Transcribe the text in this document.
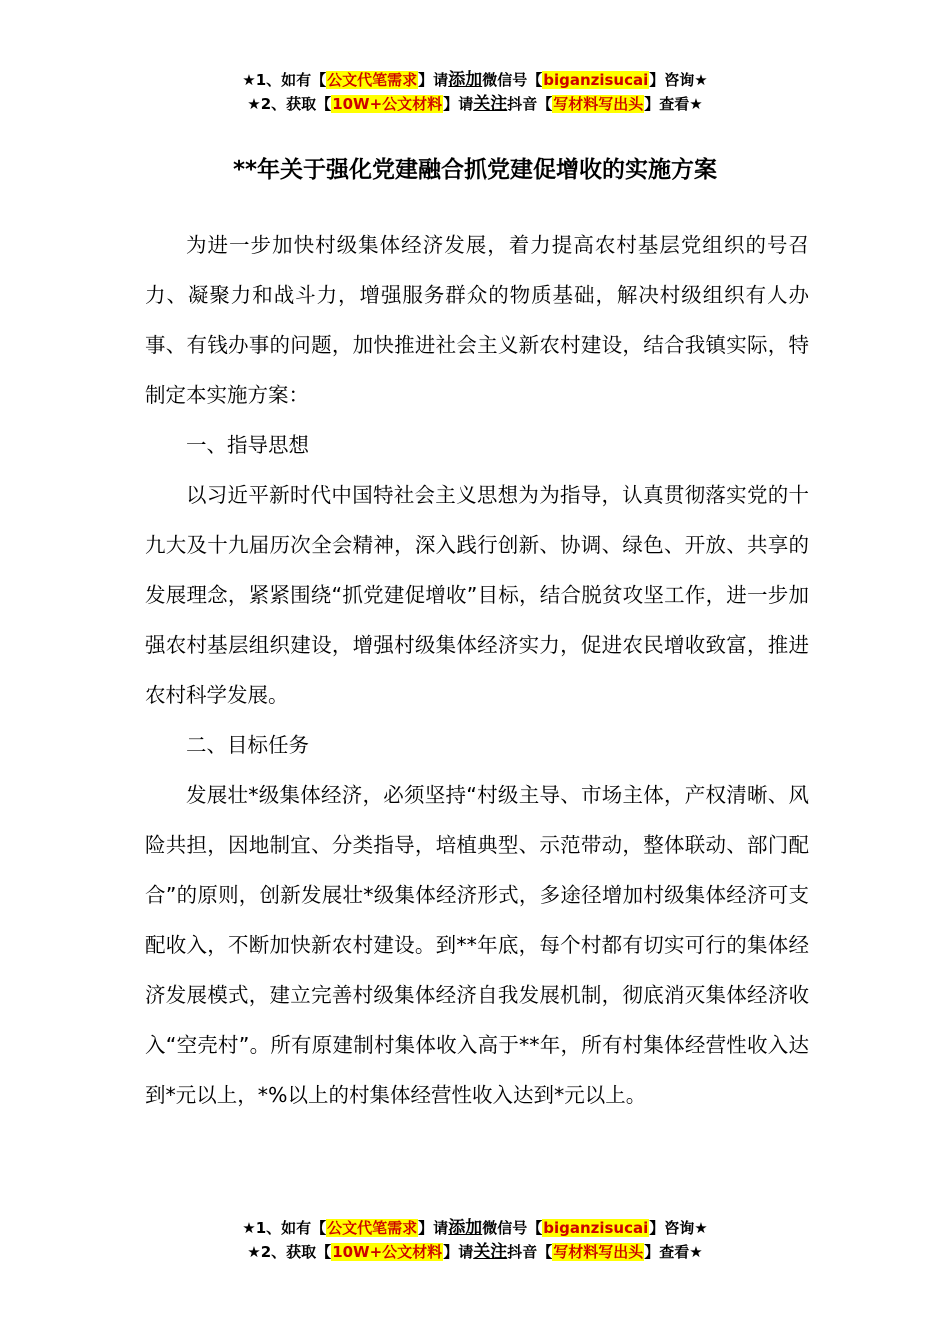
★1、如有【公文代笔需求】请添加微信号【biganzisucai】咨询★
★2、获取【10W+公文材料】请关注抖音【写材料写出头】查看★
**年关于强化党建融合抓党建促增收的实施方案

为进一步加快村级集体经济发展，着力提高农村基层党组织的号召力、凝聚力和战斗力，增强服务群众的物质基础，解决村级组织有人办事、有钱办事的问题，加快推进社会主义新农村建设，结合我镇实际，特制定本实施方案：

一、指导思想

以习近平新时代中国特社会主义思想为为指导，认真贯彻落实党的十九大及十九届历次全会精神，深入践行创新、协调、绿色、开放、共享的发展理念，紧紧围绕“抓党建促增收”目标，结合脱贫攻坚工作，进一步加强农村基层组织建设，增强村级集体经济实力，促进农民增收致富，推进农村科学发展。

二、目标任务

发展壮*级集体经济，必须坚持“村级主导、市场主体，产权清晰、风险共担，因地制宜、分类指导，培植典型、示范带动，整体联动、部门配合”的原则，创新发展壮*级集体经济形式，多途径增加村级集体经济可支配收入，不断加快新农村建设。到**年底，每个村都有切实可行的集体经济发展模式，建立完善村级集体经济自我发展机制，彻底消灭集体经济收入“空壳村”。所有原建制村集体收入高于**年，所有村集体经营性收入达到*元以上，*%以上的村集体经营性收入达到*元以上。

★1、如有【公文代笔需求】请添加微信号【biganzisucai】咨询★
★2、获取【10W+公文材料】请关注抖音【写材料写出头】查看★
